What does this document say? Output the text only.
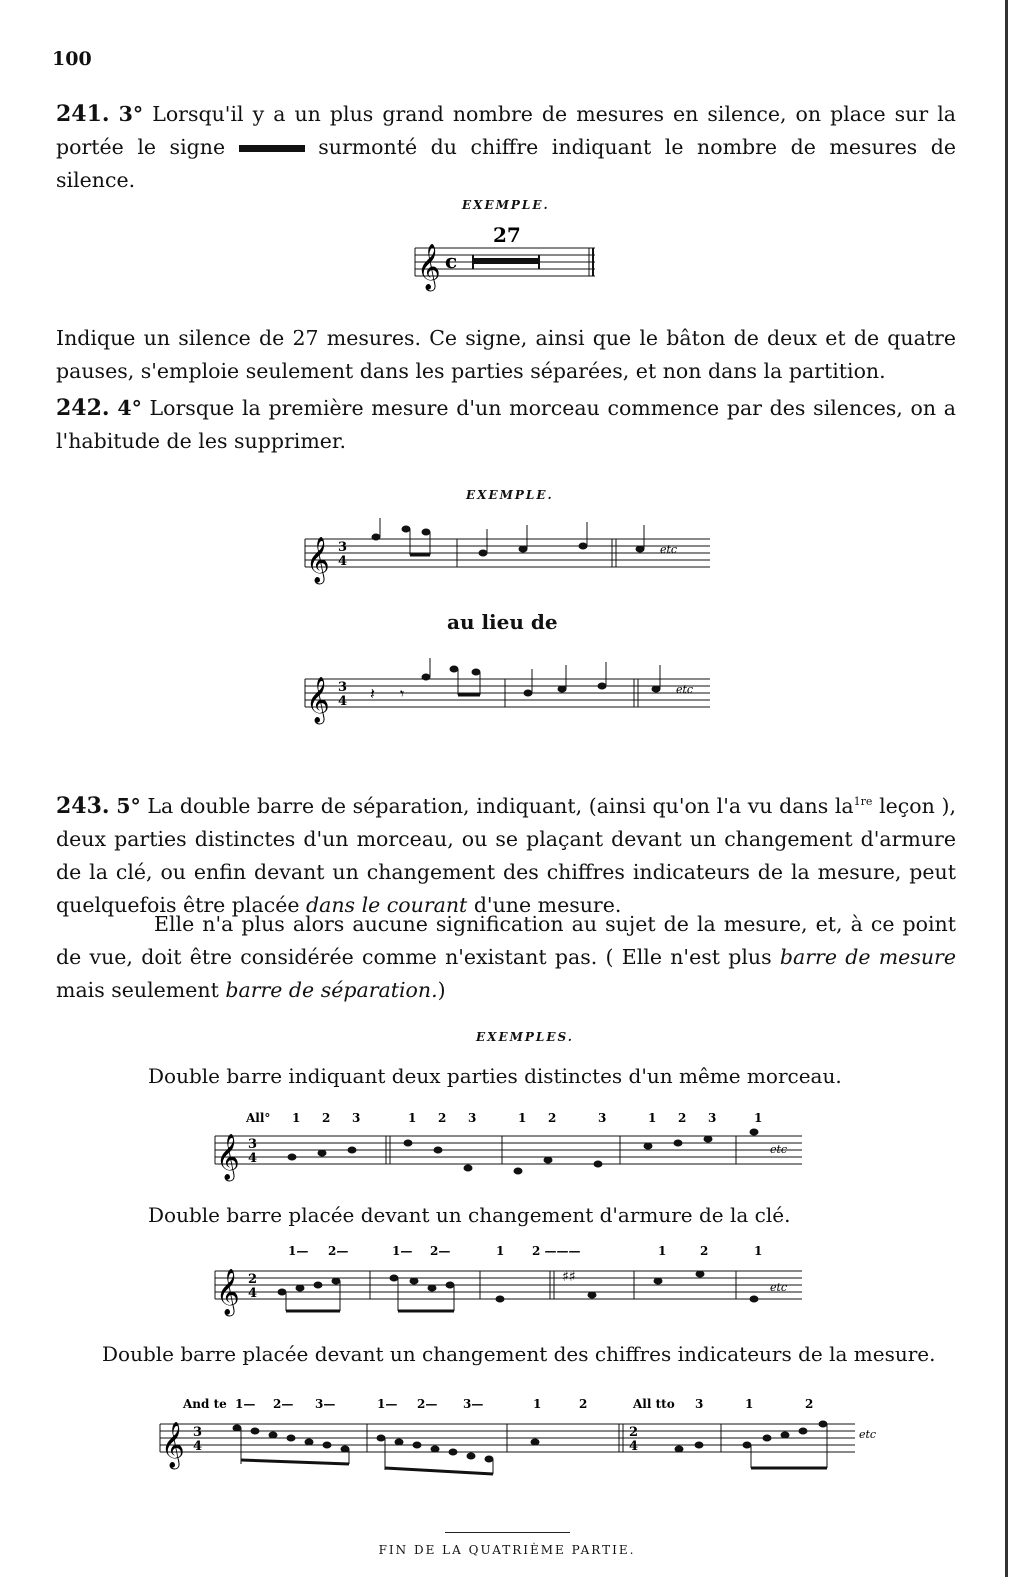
100
241. 3° Lorsqu'il y a un plus grand nombre de mesures en silence, on place sur la portée le signe	surmonté du chiffre indiquant le nombre de mesures de silence.
EXEMPLE.
𝄞 c
27
Indique un silence de 27 mesures. Ce signe, ainsi que le bâton de deux et de quatre pauses, s'emploie seulement dans les parties séparées, et non dans la partition.
242. 4° Lorsque la première mesure d'un morceau commence par des silences, on a l'habitude de les supprimer.
EXEMPLE.
𝄞 3
4
etc
au lieu de
𝄞 3
4 𝄽 𝄾	etc
243. 5° La double barre de séparation, indiquant, (ainsi qu'on l'a vu dans $la^{1re}$ leçon ), deux parties distinctes d'un morceau, ou se plaçant devant un changement d'armure de la clé, ou enfin devant un changement des chiffres indicateurs de la mesure, peut quelquefois être placée dans le courant d'une mesure.
Elle n'a plus alors aucune signification au sujet de la mesure, et, à ce point de vue, doit être considérée comme n'existant pas. ( Elle n'est plus barre de mesure mais seulement barre de séparation.)
EXEMPLES.
Double barre indiquant deux parties distinctes d'un même morceau.
All° 1 2 3	1 2 3	1 2	3	1 2 3	1
𝄞 3
4
etc
Double barre placée devant un changement d'armure de la clé.
1— 2—	1— 2—	1 2 ———	1	2	1
𝄞 2
4
♯♯
etc
Double barre placée devant un changement des chiffres indicateurs de la mesure.
And te 1— 2— 3—	1— 2— 3—	1	2	All tto 3	1	2
𝄞 3
4
2
4
etc
FIN DE LA QUATRIÈME PARTIE.
